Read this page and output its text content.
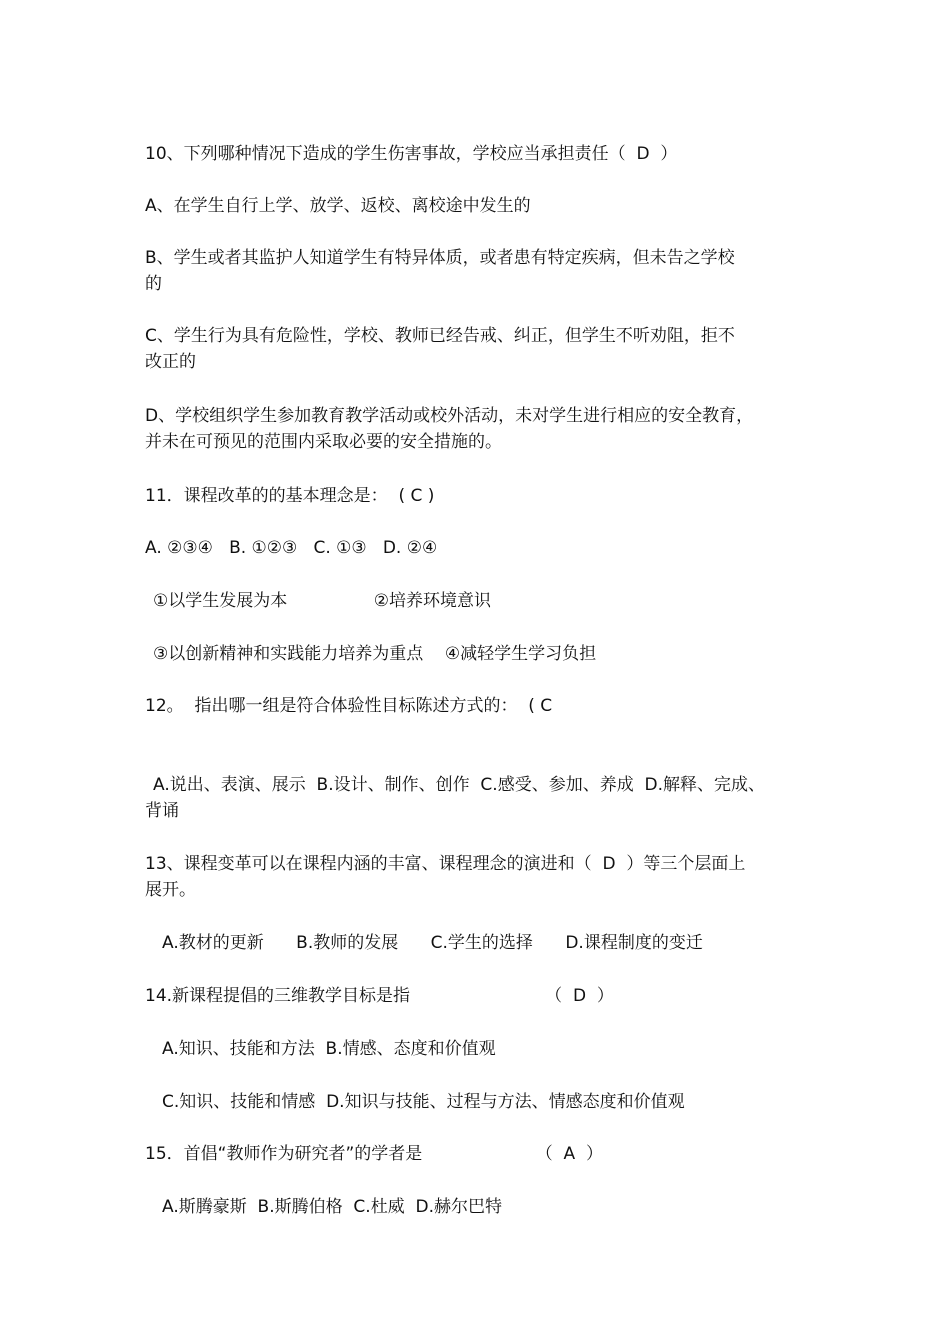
10、下列哪种情况下造成的学生伤害事故，学校应当承担责任（  D  ）
A、在学生自行上学、放学、返校、离校途中发生的
B、学生或者其监护人知道学生有特异体质，或者患有特定疾病，但未告之学校
的
C、学生行为具有危险性，学校、教师已经告戒、纠正，但学生不听劝阻，拒不
改正的
D、学校组织学生参加教育教学活动或校外活动，未对学生进行相应的安全教育，
并未在可预见的范围内采取必要的安全措施的。
11．课程改革的的基本理念是：  ( C )
A. ②③④   B. ①②③   C. ①③   D. ②④
①以学生发展为本                ②培养环境意识
③以创新精神和实践能力培养为重点    ④减轻学生学习负担
12。  指出哪一组是符合体验性目标陈述方式的：  ( C
A.说出、表演、展示  B.设计、制作、创作  C.感受、参加、养成  D.解释、完成、
背诵
13、课程变革可以在课程内涵的丰富、课程理念的演进和（  D  ）等三个层面上
展开。
A.教材的更新      B.教师的发展      C.学生的选择      D.课程制度的变迁
14.新课程提倡的三维教学目标是指                         （  D  ）
A.知识、技能和方法  B.情感、态度和价值观
C.知识、技能和情感  D.知识与技能、过程与方法、情感态度和价值观
15．首倡“教师作为研究者”的学者是                     （  A  ）
A.斯腾豪斯  B.斯腾伯格  C.杜威  D.赫尔巴特
